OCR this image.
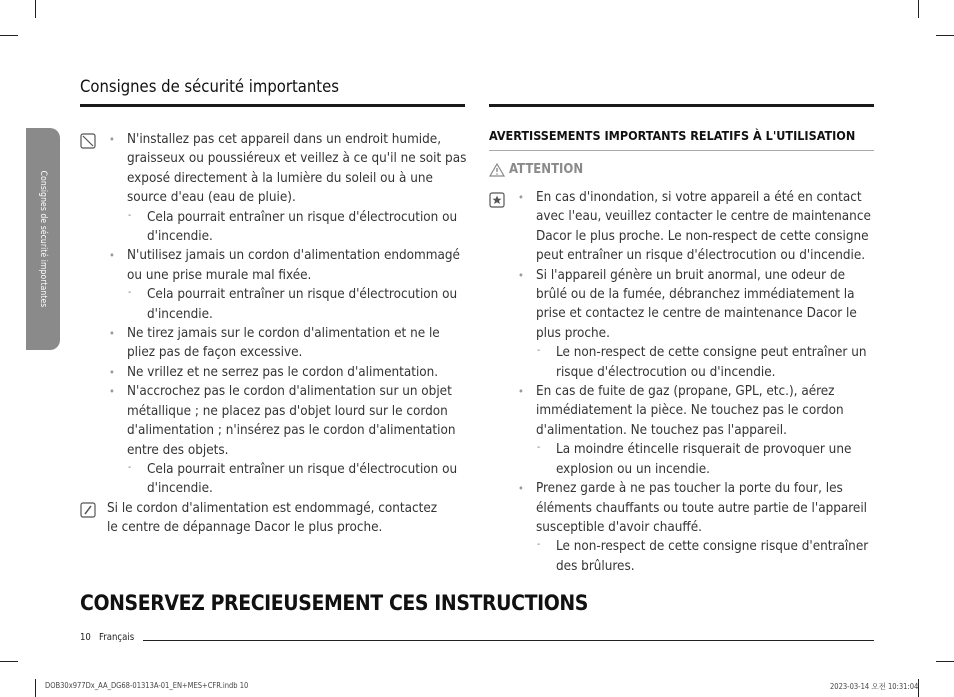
Consignes de sécurité importantes
Consignes de sécurité importantes
• N'installez pas cet appareil dans un endroit humide, graisseux ou poussiéreux et veillez à ce qu'il ne soit pas exposé directement à la lumière du soleil ou à une source d'eau (eau de pluie).
- Cela pourrait entraîner un risque d'électrocution ou d'incendie.
• N'utilisez jamais un cordon d'alimentation endommagé ou une prise murale mal fixée.
- Cela pourrait entraîner un risque d'électrocution ou d'incendie.
• Ne tirez jamais sur le cordon d'alimentation et ne le pliez pas de façon excessive.
• Ne vrillez et ne serrez pas le cordon d'alimentation.
• N'accrochez pas le cordon d'alimentation sur un objet métallique ; ne placez pas d'objet lourd sur le cordon d'alimentation ; n'insérez pas le cordon d'alimentation entre des objets.
- Cela pourrait entraîner un risque d'électrocution ou d'incendie.
Si le cordon d'alimentation est endommagé, contactez le centre de dépannage Dacor le plus proche.
AVERTISSEMENTS IMPORTANTS RELATIFS À L'UTILISATION
ATTENTION
• En cas d'inondation, si votre appareil a été en contact avec l'eau, veuillez contacter le centre de maintenance Dacor le plus proche. Le non-respect de cette consigne peut entraîner un risque d'électrocution ou d'incendie.
• Si l'appareil génère un bruit anormal, une odeur de brûlé ou de la fumée, débranchez immédiatement la prise et contactez le centre de maintenance Dacor le plus proche.
- Le non-respect de cette consigne peut entraîner un risque d'électrocution ou d'incendie.
• En cas de fuite de gaz (propane, GPL, etc.), aérez immédiatement la pièce. Ne touchez pas le cordon d'alimentation. Ne touchez pas l'appareil.
- La moindre étincelle risquerait de provoquer une explosion ou un incendie.
• Prenez garde à ne pas toucher la porte du four, les éléments chauffants ou toute autre partie de l'appareil susceptible d'avoir chauffé.
- Le non-respect de cette consigne risque d'entraîner des brûlures.
CONSERVEZ PRECIEUSEMENT CES INSTRUCTIONS
10 Français
DOB30x977Dx_AA_DG68-01313A-01_EN+MES+CFR.indb 10	2023-03-14 오전 10:31:04
